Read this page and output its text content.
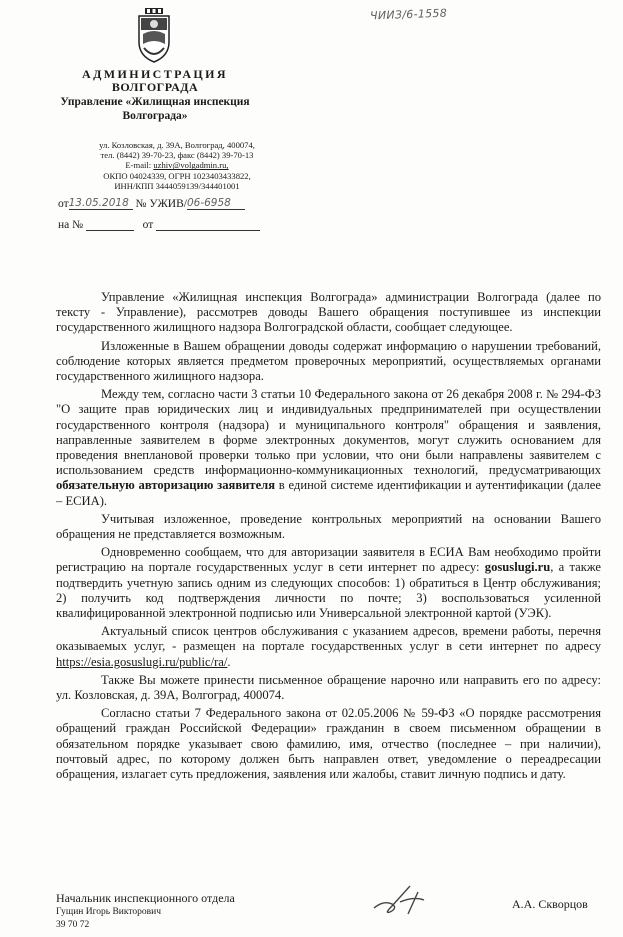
ЧИИЗ/6-1558
АДМИНИСТРАЦИЯ
ВОЛГОГРАДА
Управление «Жилищная инспекция
Волгограда»
ул. Козловская, д. 39А, Волгоград, 400074,
тел. (8442) 39-70-23, факс (8442) 39-70-13
E-mail: uzhiv@volgadmin.ru,
ОКПО 04024339, ОГРН 1023403433822,
ИНН/КПП 3444059139/344401001
от13.05.2018 № УЖИВ/06-6958
на №	от

Управление «Жилищная инспекция Волгограда» администрации Волгограда (далее по тексту - Управление), рассмотрев доводы Вашего обращения поступившее из инспекции государственного жилищного надзора Волгоградской области, сообщает следующее.

Изложенные в Вашем обращении доводы содержат информацию о нарушении требований, соблюдение которых является предметом проверочных мероприятий, осуществляемых органами государственного жилищного надзора.

Между тем, согласно части 3 статьи 10 Федерального закона от 26 декабря 2008 г. № 294-ФЗ "О защите прав юридических лиц и индивидуальных предпринимателей при осуществлении государственного контроля (надзора) и муниципального контроля" обращения и заявления, направленные заявителем в форме электронных документов, могут служить основанием для проведения внеплановой проверки только при условии, что они были направлены заявителем с использованием средств информационно-коммуникационных технологий, предусматривающих обязательную авторизацию заявителя в единой системе идентификации и аутентификации (далее – ЕСИА).

Учитывая изложенное, проведение контрольных мероприятий на основании Вашего обращения не представляется возможным.

Одновременно сообщаем, что для авторизации заявителя в ЕСИА Вам необходимо пройти регистрацию на портале государственных услуг в сети интернет по адресу: gosuslugi.ru, а также подтвердить учетную запись одним из следующих способов: 1) обратиться в Центр обслуживания; 2) получить код подтверждения личности по почте; 3) воспользоваться усиленной квалифицированной электронной подписью или Универсальной электронной картой (УЭК).

Актуальный список центров обслуживания с указанием адресов, времени работы, перечня оказываемых услуг, - размещен на портале государственных услуг в сети интернет по адресу https://esia.gosuslugi.ru/public/ra/.

Также Вы можете принести письменное обращение нарочно или направить его по адресу: ул. Козловская, д. 39А, Волгоград, 400074.

Согласно статьи 7 Федерального закона от 02.05.2006 № 59-ФЗ «О порядке рассмотрения обращений граждан Российской Федерации» гражданин в своем письменном обращении в обязательном порядке указывает свою фамилию, имя, отчество (последнее – при наличии), почтовый адрес, по которому должен быть направлен ответ, уведомление о переадресации обращения, излагает суть предложения, заявления или жалобы, ставит личную подпись и дату.

Начальник инспекционного отдела	А.А. Скворцов
Гущин Игорь Викторович
39 70 72
